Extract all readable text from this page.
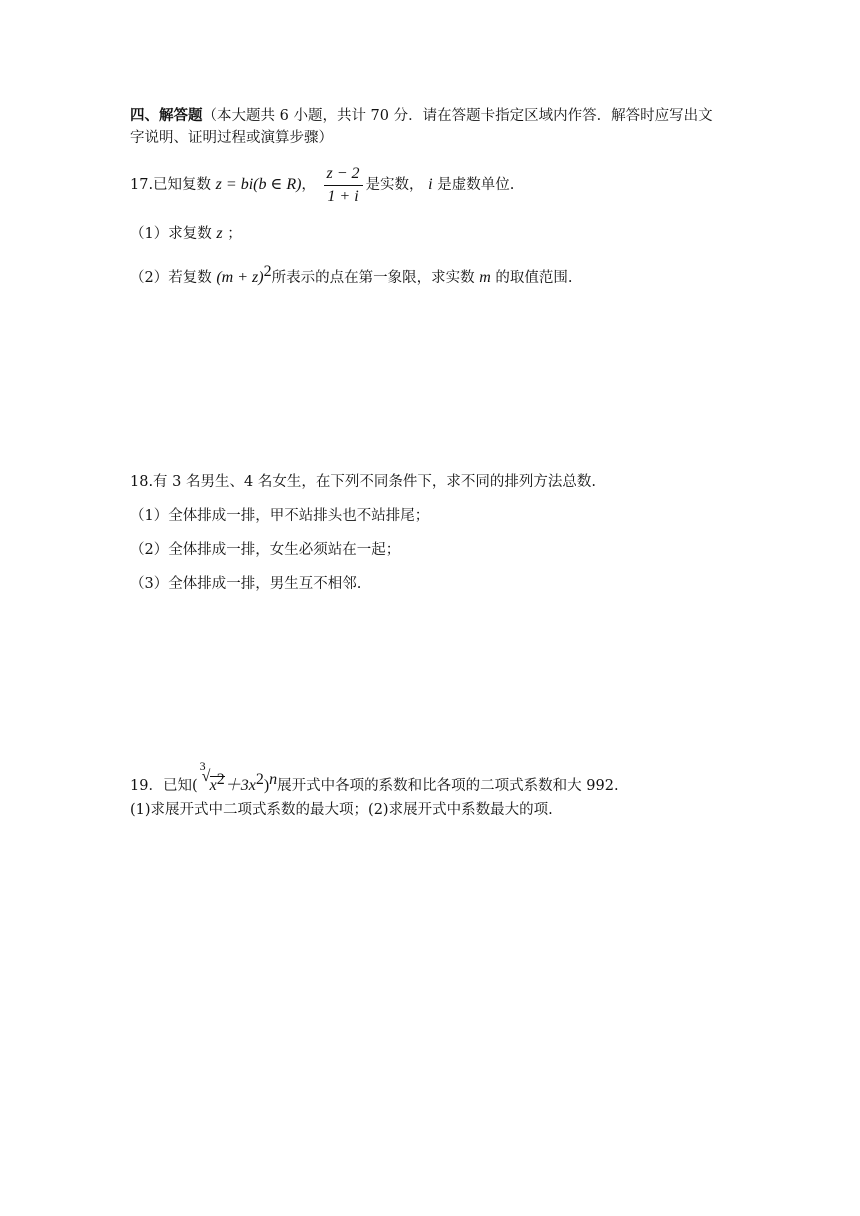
四、解答题（本大题共 6 小题，共计 70 分．请在答题卡指定区域内作答．解答时应写出文
字说明、证明过程或演算步骤）
17.已知复数 z = bi(b ∈ R)， $\frac{z - 2}{1 + i}$ 是实数， i 是虚数单位.
（1）求复数 z ；
（2）若复数 $(m + z)^2$所表示的点在第一象限，求实数 m 的取值范围.
18.有 3 名男生、4 名女生，在下列不同条件下，求不同的排列方法总数.
（1）全体排成一排，甲不站排头也不站排尾；
（2）全体排成一排，女生必须站在一起；
（3）全体排成一排，男生互不相邻.
19．已知(
3
√
$x^2+3x^2)^n$展开式中各项的系数和比各项的二项式系数和大 992.
(1)求展开式中二项式系数的最大项；(2)求展开式中系数最大的项.
